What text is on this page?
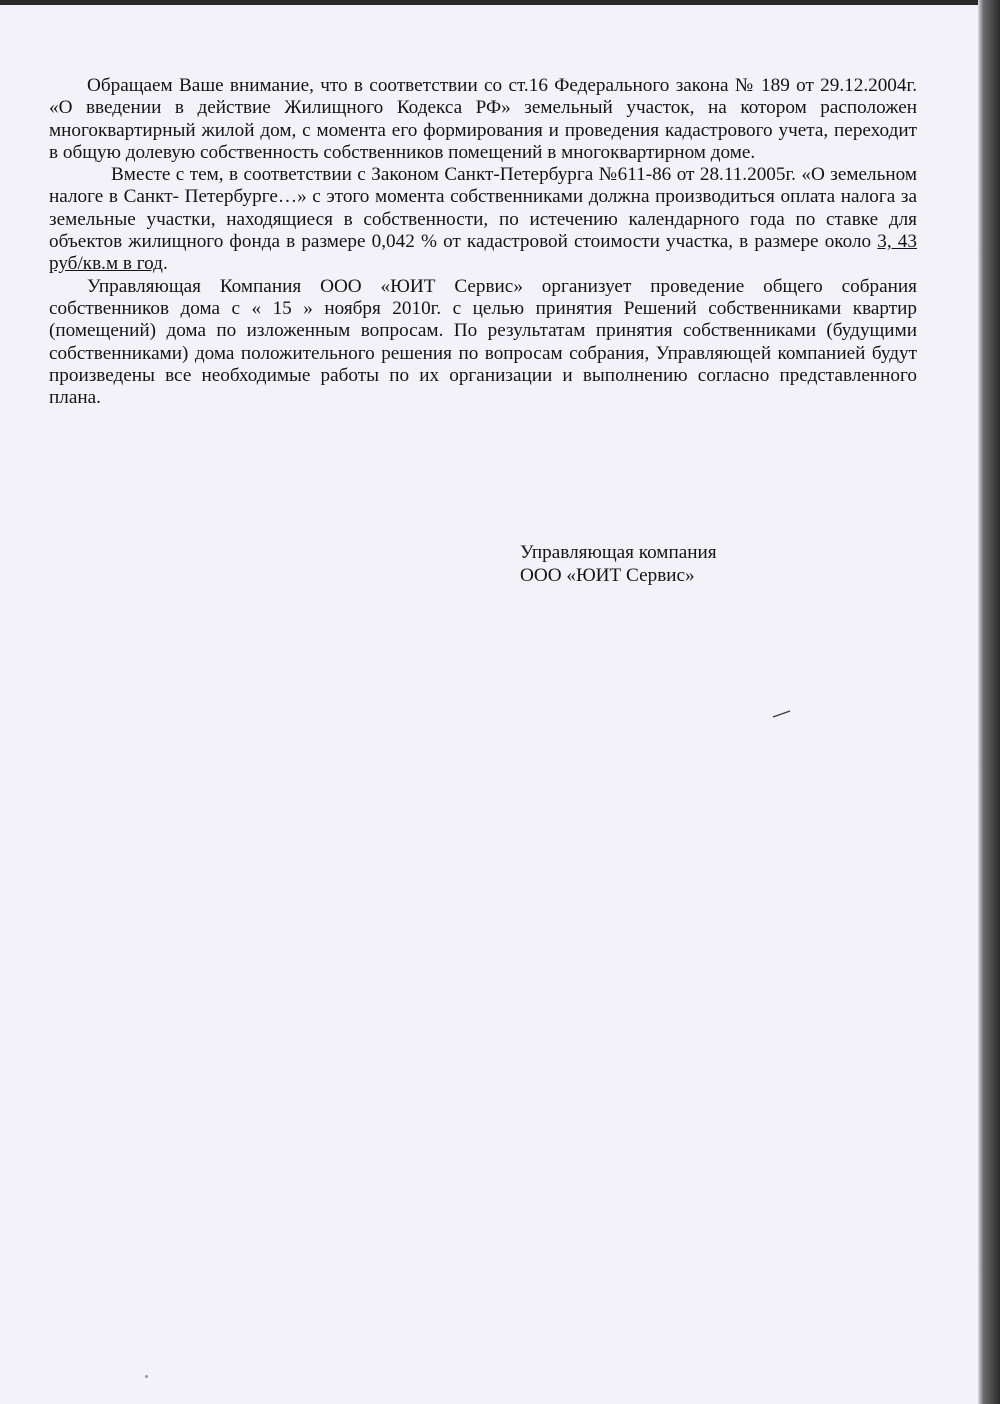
Обращаем Ваше внимание, что в соответствии со ст.16 Федерального закона № 189 от 29.12.2004г. «О введении в действие Жилищного Кодекса РФ» земельный участок, на котором расположен многоквартирный жилой дом, с момента его формирования и проведения кадастрового учета, переходит в общую долевую собственность собственников помещений в многоквартирном доме.

Вместе с тем, в соответствии с Законом Санкт-Петербурга №611-86 от 28.11.2005г. «О земельном налоге в Санкт- Петербурге…» с этого момента собственниками должна производиться оплата налога за земельные участки, находящиеся в собственности, по истечению календарного года по ставке для объектов жилищного фонда в размере 0,042 % от кадастровой стоимости участка, в размере около 3, 43 руб/кв.м в год.

Управляющая Компания ООО «ЮИТ Сервис» организует проведение общего собрания собственников дома с « 15 » ноября 2010г. с целью принятия Решений собственниками квартир (помещений) дома по изложенным вопросам. По результатам принятия собственниками (будущими собственниками) дома положительного решения по вопросам собрания, Управляющей компанией будут произведены все необходимые работы по их организации и выполнению согласно представленного плана.

Управляющая компания
ООО «ЮИТ Сервис»
